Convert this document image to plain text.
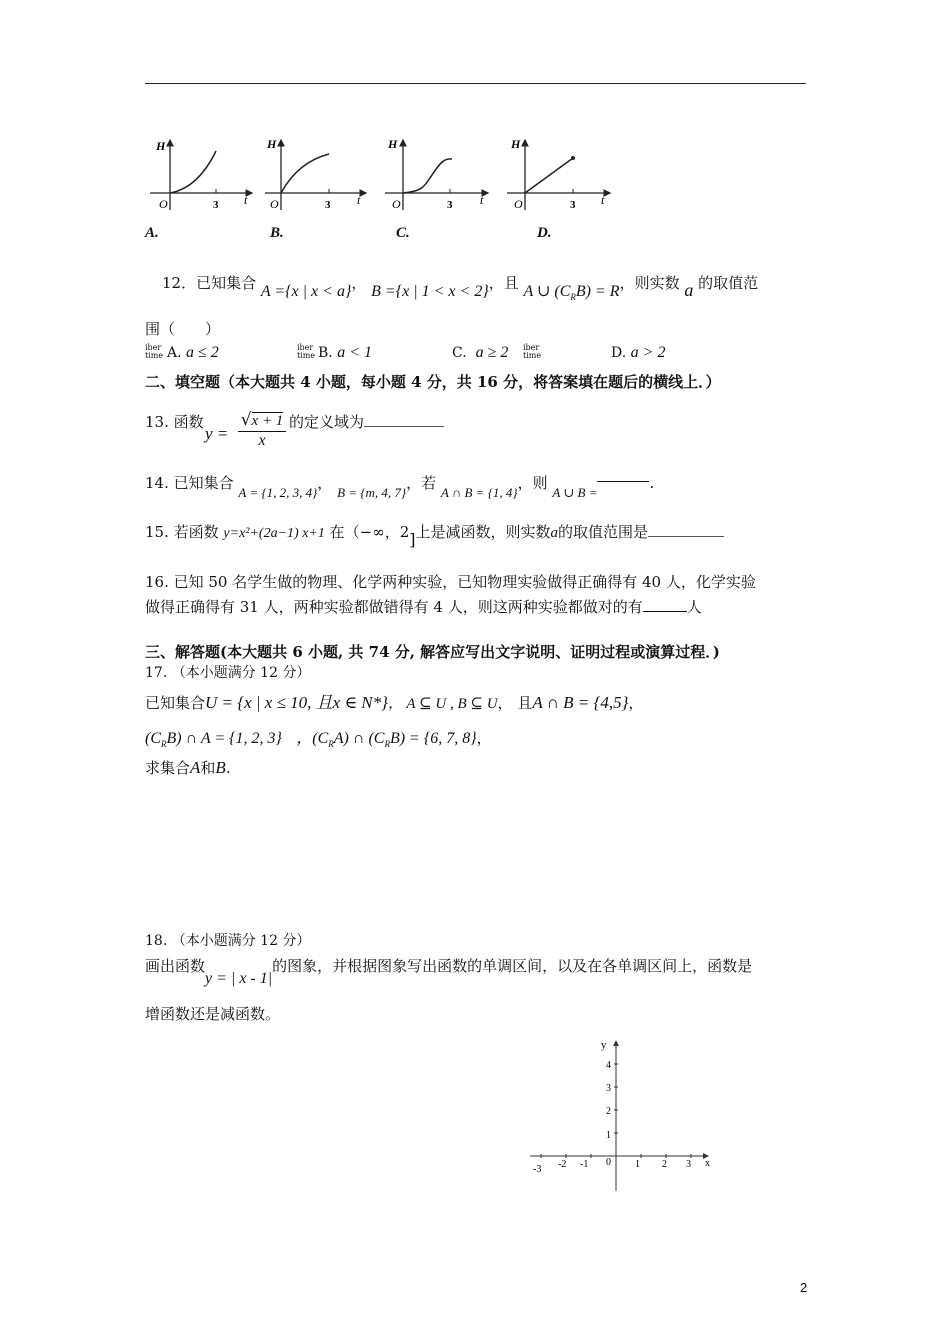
H
t
O	3
H
t
O	3
H
t
O	3
H
t
O	3
A.	B.	C.	D.
12．已知集合 A ={x | x < a}， B ={x | 1 < x < 2}，且 A ∪ $(C_RB) = R$，则实数 a 的取值范
围（　　）
iber
time A. a ≤ 2	iber
time B. a < 1	C. a ≥ 2 iber
time	D. a > 2
二、填空题（本大题共 4 小题，每小题 4 分，共 16 分，将答案填在题后的横线上．）
13. 函数
y =
√x + 1
x
的定义域为
14. 已知集合 A = {1, 2, 3, 4}， B = {m, 4, 7}，若 A ∩ B = {1, 4}，则 A ∪ B =.
15. 若函数 y=x²+(2a−1) x+1 在（−∞，2]上是减函数，则实数a的取值范围是
16. 已知 50 名学生做的物理、化学两种实验，已知物理实验做得正确得有 40 人，化学实验
做得正确得有 31 人，两种实验都做错得有 4 人，则这两种实验都做对的有	人
三、解答题(本大题共 6 小题, 共 74 分, 解答应写出文字说明、证明过程或演算过程．)
17. （本小题满分 12 分）
已知集合U = {x | x ≤ 10, 且x ∈ N*}， A ⊆ U , B ⊆ U， 且A ∩ B = {4,5}，
$(C_RB)$ ∩ A = {1, 2, 3} ，$(C_RA)$ ∩ $(C_RB) = \{6$, 7, 8}，
求集合A和B.
18. （本小题满分 12 分）
画出函数y = | x - 1|的图象，并根据图象写出函数的单调区间，以及在各单调区间上，函数是
增函数还是减函数。
y
x
0
1
2
3
4
-3 -2 -1	1 2 3
2
